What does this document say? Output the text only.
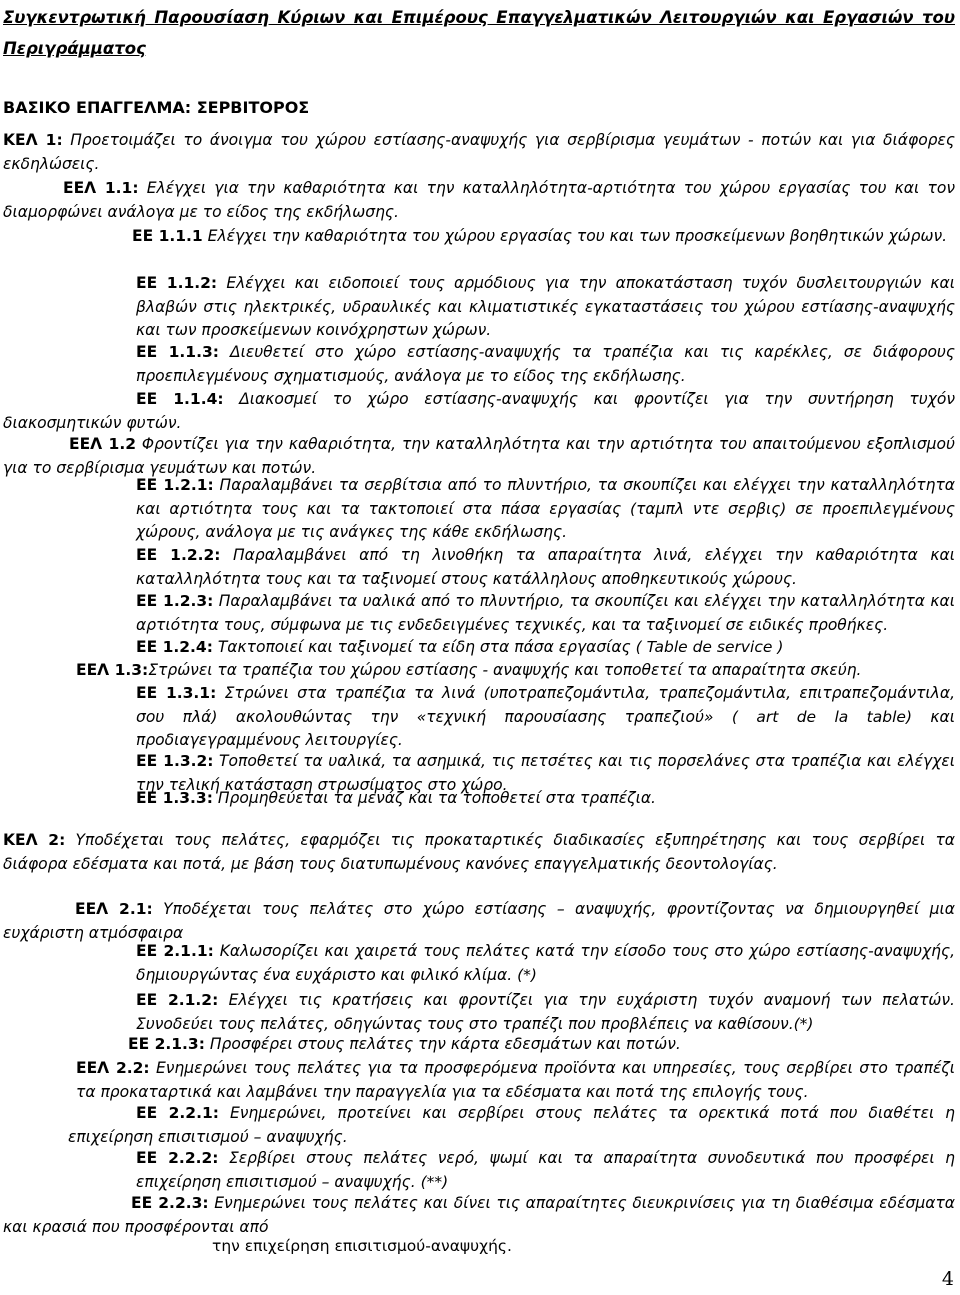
Συγκεντρωτική Παρουσίαση Κύριων και Επιμέρους Επαγγελματικών Λειτουργιών και Εργασιών του Περιγράμματος
ΒΑΣΙΚΟ ΕΠΑΓΓΕΛΜΑ: ΣΕΡΒΙΤΟΡΟΣ

ΚΕΛ 1: Προετοιμάζει το άνοιγμα του χώρου εστίασης-αναψυχής για σερβίρισμα γευμάτων - ποτών και για διάφορες εκδηλώσεις.

ΕΕΛ 1.1: Ελέγχει για την καθαριότητα και την καταλληλότητα-αρτιότητα του χώρου εργασίας του και τον διαμορφώνει ανάλογα με το είδος της εκδήλωσης.

ΕΕ 1.1.1 Ελέγχει την καθαριότητα του χώρου εργασίας του και των προσκείμενων βοηθητικών χώρων.

ΕΕ 1.1.2: Ελέγχει και ειδοποιεί τους αρμόδιους για την αποκατάσταση τυχόν δυσλειτουργιών και βλαβών στις ηλεκτρικές, υδραυλικές και κλιματιστικές εγκαταστάσεις του χώρου εστίασης-αναψυχής και των προσκείμενων κοινόχρηστων χώρων.

ΕΕ 1.1.3: Διευθετεί στο χώρο εστίασης-αναψυχής τα τραπέζια και τις καρέκλες, σε διάφορους προεπιλεγμένους σχηματισμούς, ανάλογα με το είδος της εκδήλωσης.

ΕΕ 1.1.4: Διακοσμεί το χώρο εστίασης-αναψυχής και φροντίζει για την συντήρηση τυχόν διακοσμητικών φυτών.

ΕΕΛ 1.2 Φροντίζει για την καθαριότητα, την καταλληλότητα και την αρτιότητα του απαιτούμενου εξοπλισμού για το σερβίρισμα γευμάτων και ποτών.

ΕΕ 1.2.1: Παραλαμβάνει τα σερβίτσια από το πλυντήριο, τα σκουπίζει και ελέγχει την καταλληλότητα και αρτιότητα τους και τα τακτοποιεί στα πάσα εργασίας (ταμπλ ντε σερβις) σε προεπιλεγμένους χώρους, ανάλογα με τις ανάγκες της κάθε εκδήλωσης.

ΕΕ 1.2.2: Παραλαμβάνει από τη λινοθήκη τα απαραίτητα λινά, ελέγχει την καθαριότητα και καταλληλότητα τους και τα ταξινομεί στους κατάλληλους αποθηκευτικούς χώρους.

ΕΕ 1.2.3: Παραλαμβάνει τα υαλικά από το πλυντήριο, τα σκουπίζει και ελέγχει την καταλληλότητα και αρτιότητα τους, σύμφωνα με τις ενδεδειγμένες τεχνικές, και τα ταξινομεί σε ειδικές προθήκες.

ΕΕ 1.2.4: Τακτοποιεί και ταξινομεί τα είδη στα πάσα εργασίας ( Table de service )

ΕΕΛ 1.3:Στρώνει τα τραπέζια του χώρου εστίασης - αναψυχής και τοποθετεί τα απαραίτητα σκεύη.

ΕΕ 1.3.1: Στρώνει στα τραπέζια τα λινά (υποτραπεζομάντιλα, τραπεζομάντιλα, επιτραπεζομάντιλα, σου πλά) ακολουθώντας την «τεχνική παρουσίασης τραπεζιού» ( art de la table) και προδιαγεγραμμένους λειτουργίες.

ΕΕ 1.3.2: Τοποθετεί τα υαλικά, τα ασημικά, τις πετσέτες και τις πορσελάνες στα τραπέζια και ελέγχει την τελική κατάσταση στρωσίματος στο χώρο.

ΕΕ 1.3.3: Προμηθεύεται τα μενάζ και τα τοποθετεί στα τραπέζια.

ΚΕΛ 2: Υποδέχεται τους πελάτες, εφαρμόζει τις προκαταρτικές διαδικασίες εξυπηρέτησης και τους σερβίρει τα διάφορα εδέσματα και ποτά, με βάση τους διατυπωμένους κανόνες επαγγελματικής δεοντολογίας.

ΕΕΛ 2.1: Υποδέχεται τους πελάτες στο χώρο εστίασης – αναψυχής, φροντίζοντας να δημιουργηθεί μια ευχάριστη ατμόσφαιρα

ΕΕ 2.1.1: Καλωσορίζει και χαιρετά τους πελάτες κατά την είσοδο τους στο χώρο εστίασης-αναψυχής, δημιουργώντας ένα ευχάριστο και φιλικό κλίμα. (*)

ΕΕ 2.1.2: Ελέγχει τις κρατήσεις και φροντίζει για την ευχάριστη τυχόν αναμονή των πελατών. Συνοδεύει τους πελάτες, οδηγώντας τους στο τραπέζι που προβλέπεις να καθίσουν.(*)

ΕΕ 2.1.3: Προσφέρει στους πελάτες την κάρτα εδεσμάτων και ποτών.

ΕΕΛ 2.2: Ενημερώνει τους πελάτες για τα προσφερόμενα προϊόντα και υπηρεσίες, τους σερβίρει στο τραπέζι τα προκαταρτικά και λαμβάνει την παραγγελία για τα εδέσματα και ποτά της επιλογής τους.

ΕΕ 2.2.1: Ενημερώνει, προτείνει και σερβίρει στους πελάτες τα ορεκτικά ποτά που διαθέτει η επιχείρηση επισιτισμού – αναψυχής.

ΕΕ 2.2.2: Σερβίρει στους πελάτες νερό, ψωμί και τα απαραίτητα συνοδευτικά που προσφέρει η επιχείρηση επισιτισμού – αναψυχής. (**)

ΕΕ 2.2.3: Ενημερώνει τους πελάτες και δίνει τις απαραίτητες διευκρινίσεις για τη διαθέσιμα εδέσματα και κρασιά που προσφέρονται από

την επιχείρηση επισιτισμού-αναψυχής.

4
